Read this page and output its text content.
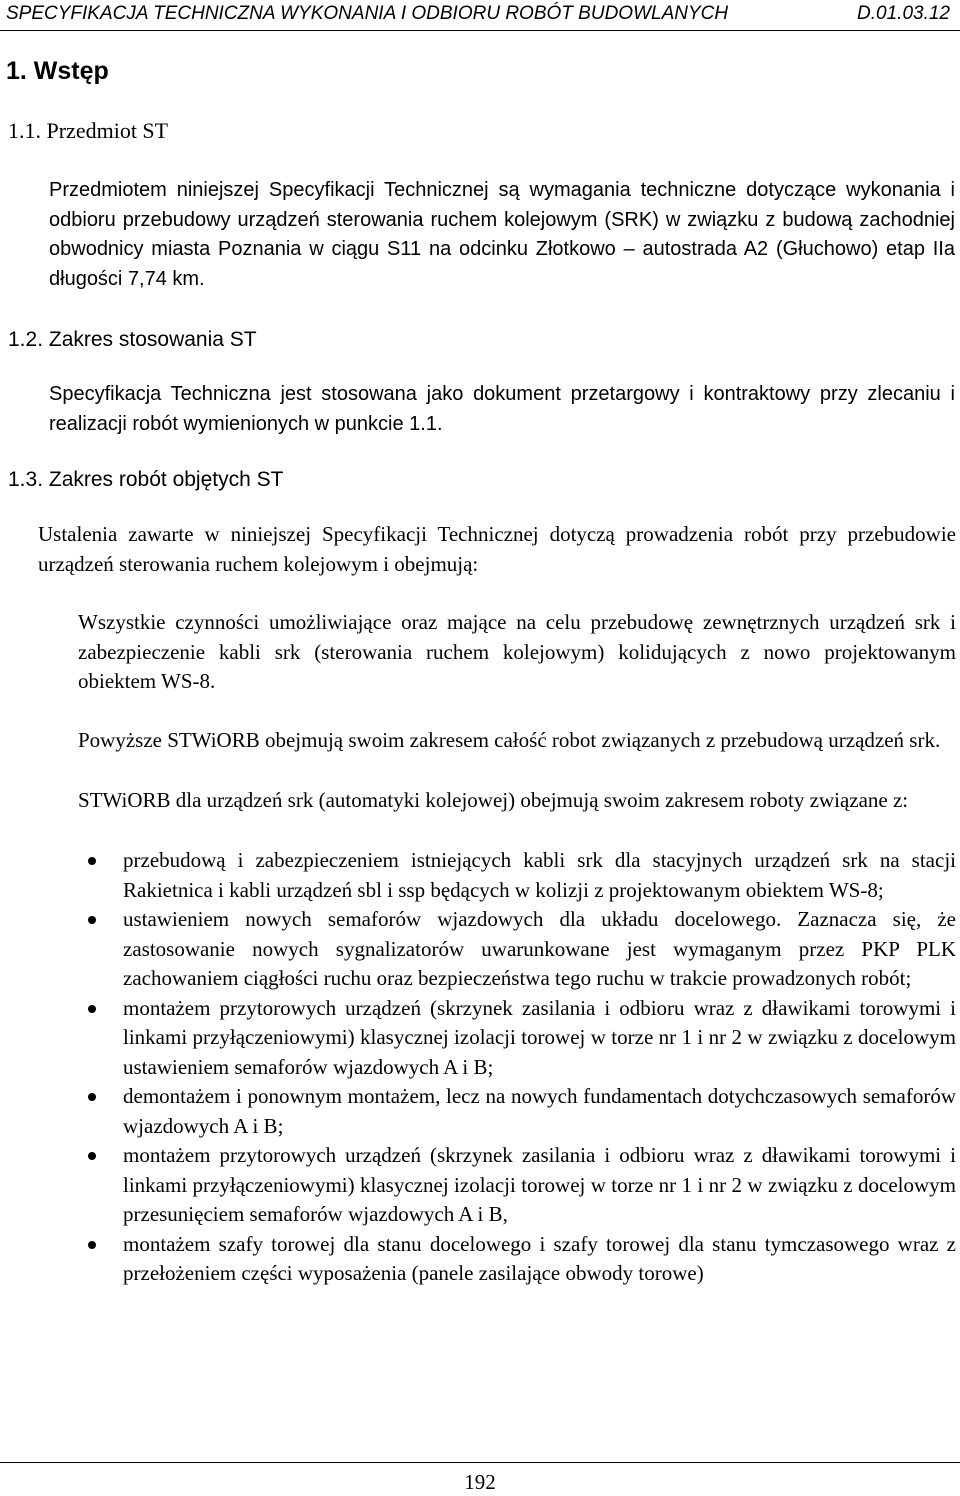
SPECYFIKACJA TECHNICZNA WYKONANIA I ODBIORU ROBÓT BUDOWLANYCH	D.01.03.12
1. Wstęp
1.1. Przedmiot ST

Przedmiotem niniejszej Specyfikacji Technicznej są wymagania techniczne dotyczące wykonania i odbioru przebudowy urządzeń sterowania ruchem kolejowym (SRK) w związku z budową zachodniej obwodnicy miasta Poznania w ciągu S11 na odcinku Złotkowo – autostrada A2 (Głuchowo) etap IIa długości 7,74 km.

1.2. Zakres stosowania ST

Specyfikacja Techniczna jest stosowana jako dokument przetargowy i kontraktowy przy zlecaniu i realizacji robót wymienionych w punkcie 1.1.

1.3. Zakres robót objętych ST

Ustalenia zawarte w niniejszej Specyfikacji Technicznej dotyczą prowadzenia robót przy przebudowie urządzeń sterowania ruchem kolejowym i obejmują:

Wszystkie czynności umożliwiające oraz mające na celu przebudowę zewnętrznych urządzeń srk i zabezpieczenie kabli srk (sterowania ruchem kolejowym) kolidujących z nowo projektowanym obiektem WS-8.

Powyższe STWiORB obejmują swoim zakresem całość robot związanych z przebudową urządzeń srk.

STWiORB dla urządzeń srk (automatyki kolejowej) obejmują swoim zakresem roboty związane z:

przebudową i zabezpieczeniem istniejących kabli srk dla stacyjnych urządzeń srk na stacji Rakietnica i kabli urządzeń sbl i ssp będących w kolizji z projektowanym obiektem WS-8;
ustawieniem nowych semaforów wjazdowych dla układu docelowego. Zaznacza się, że zastosowanie nowych sygnalizatorów uwarunkowane jest wymaganym przez PKP PLK zachowaniem ciągłości ruchu oraz bezpieczeństwa tego ruchu w trakcie prowadzonych robót;
montażem przytorowych urządzeń (skrzynek zasilania i odbioru wraz z dławikami torowymi i linkami przyłączeniowymi) klasycznej izolacji torowej w torze nr 1 i nr 2 w związku z docelowym ustawieniem semaforów wjazdowych A i B;
demontażem i ponownym montażem, lecz na nowych fundamentach dotychczasowych semaforów wjazdowych A i B;
montażem przytorowych urządzeń (skrzynek zasilania i odbioru wraz z dławikami torowymi i linkami przyłączeniowymi) klasycznej izolacji torowej w torze nr 1 i nr 2 w związku z docelowym przesunięciem semaforów wjazdowych A i B,
montażem szafy torowej dla stanu docelowego i szafy torowej dla stanu tymczasowego wraz z przełożeniem części wyposażenia (panele zasilające obwody torowe)
192
